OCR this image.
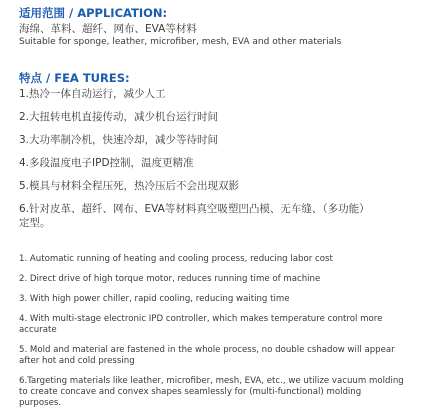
适用范围 / APPLICATION:
海绵、革料、超纤、网布、EVA等材料
Suitable for sponge, leather, microfiber, mesh, EVA and other materials
特点 / FEA TURES:
1.热冷一体自动运行，减少人工
2.大扭转电机直接传动，减少机台运行时间
3.大功率制冷机，快速冷却，减少等待时间
4.多段温度电子IPD控制，温度更精准
5.模具与材料全程压死，热冷压后不会出现双影
6.针对皮革、超纤、网布、EVA等材料真空吸塑凹凸模、无车缝、（多功能）定型。
1. Automatic running of heating and cooling process, reducing labor cost
2. Direct drive of high torque motor, reduces running time of machine
3. With high power chiller, rapid cooling, reducing waiting time
4. With multi-stage electronic IPD controller, which makes temperature control more accurate
5. Mold and material are fastened in the whole process, no double cshadow will appear after hot and cold pressing
6.Targeting materials like leather, microfiber, mesh, EVA, etc., we utilize vacuum molding to create concave and convex shapes seamlessly for (multi-functional) molding purposes.
